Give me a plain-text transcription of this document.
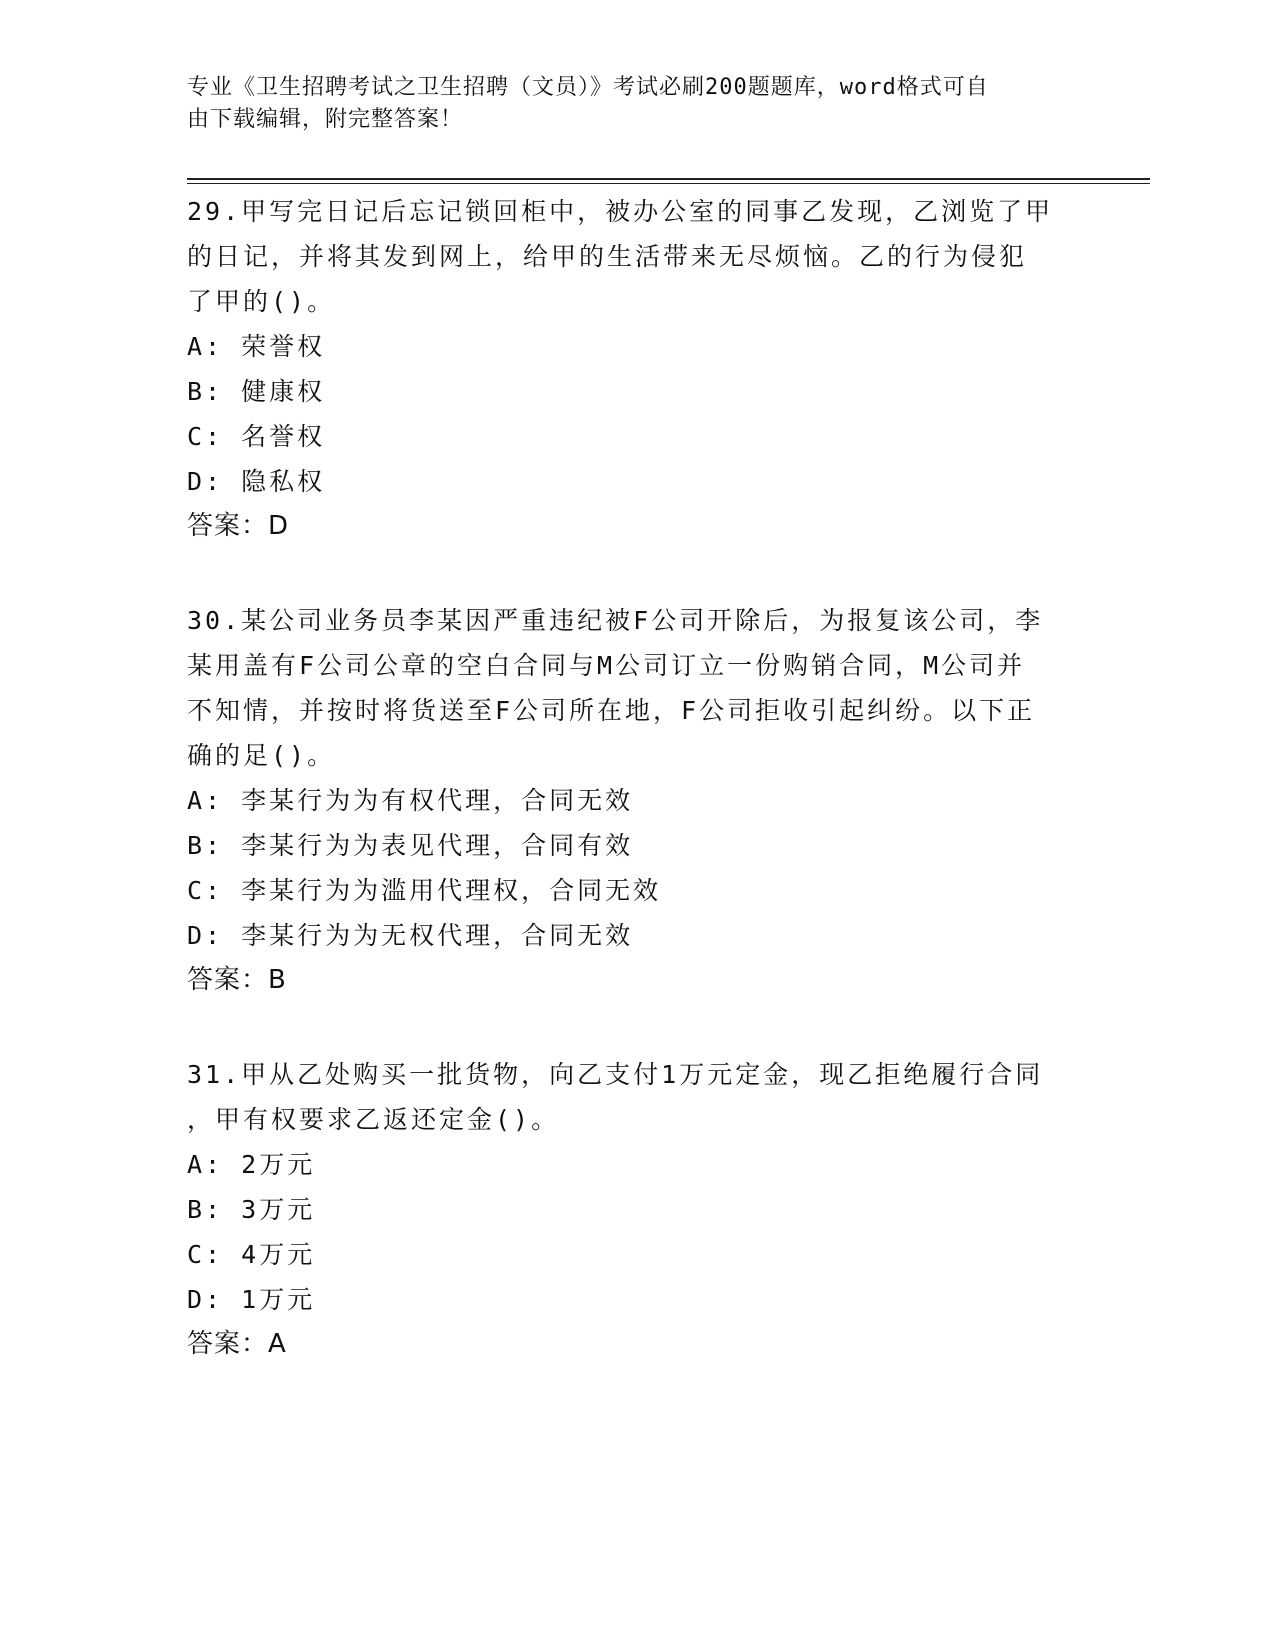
专业《卫生招聘考试之卫生招聘（文员）》考试必刷200题题库，word格式可自
由下载编辑，附完整答案！
29.甲写完日记后忘记锁回柜中，被办公室的同事乙发现，乙浏览了甲
的日记，并将其发到网上，给甲的生活带来无尽烦恼。乙的行为侵犯
了甲的()。
A: 荣誉权
B: 健康权
C: 名誉权
D: 隐私权
答案：D
30.某公司业务员李某因严重违纪被F公司开除后，为报复该公司，李
某用盖有F公司公章的空白合同与M公司订立一份购销合同，M公司并
不知情，并按时将货送至F公司所在地，F公司拒收引起纠纷。以下正
确的足()。
A: 李某行为为有权代理，合同无效
B: 李某行为为表见代理，合同有效
C: 李某行为为滥用代理权，合同无效
D: 李某行为为无权代理，合同无效
答案：B
31.甲从乙处购买一批货物，向乙支付1万元定金，现乙拒绝履行合同
，甲有权要求乙返还定金()。
A: 2万元
B: 3万元
C: 4万元
D: 1万元
答案：A
